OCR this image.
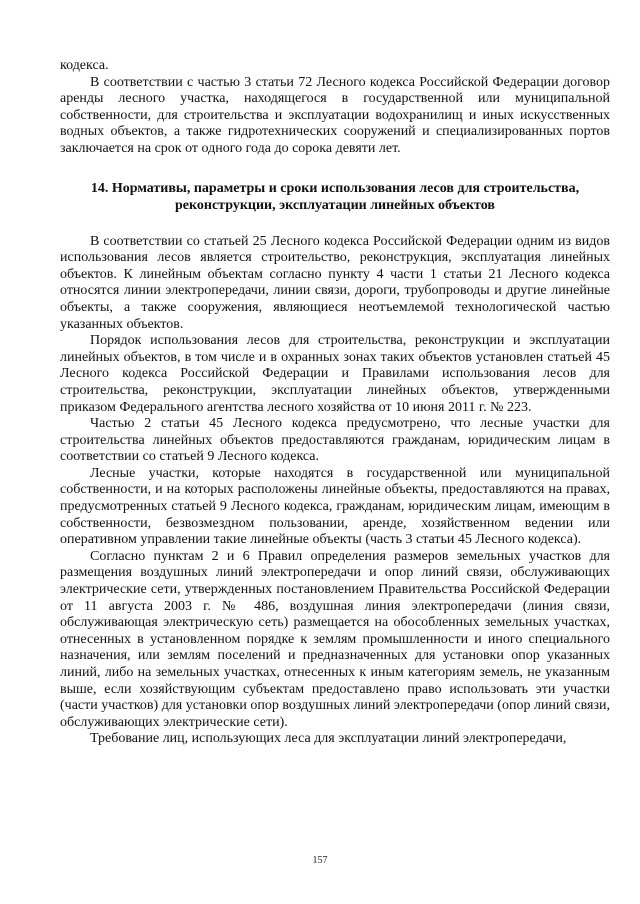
кодекса.

В соответствии с частью 3 статьи 72 Лесного кодекса Российской Федерации договор аренды лесного участка, находящегося в государственной или муниципальной собственности, для строительства и эксплуатации водохранилищ и иных искусственных водных объектов, а также гидротехнических сооружений и специализированных портов заключается на срок от одного года до сорока девяти лет.

14. Нормативы, параметры и сроки использования лесов для строительства, реконструкции, эксплуатации линейных объектов

В соответствии со статьей 25 Лесного кодекса Российской Федерации одним из видов использования лесов является строительство, реконструкция, эксплуатация линейных объектов. К линейным объектам согласно пункту 4 части 1 статьи 21 Лесного кодекса относятся линии электропередачи, линии связи, дороги, трубопроводы и другие линейные объекты, а также сооружения, являющиеся неотъемлемой технологической частью указанных объектов.

Порядок использования лесов для строительства, реконструкции и эксплуатации линейных объектов, в том числе и в охранных зонах таких объектов установлен статьей 45 Лесного кодекса Российской Федерации и Правилами использования лесов для строительства, реконструкции, эксплуатации линейных объектов, утвержденными приказом Федерального агентства лесного хозяйства от 10 июня 2011 г. № 223.

Частью 2 статьи 45 Лесного кодекса предусмотрено, что лесные участки для строительства линейных объектов предоставляются гражданам, юридическим лицам в соответствии со статьей 9 Лесного кодекса.

Лесные участки, которые находятся в государственной или муниципальной собственности, и на которых расположены линейные объекты, предоставляются на правах, предусмотренных статьей 9 Лесного кодекса, гражданам, юридическим лицам, имеющим в собственности, безвозмездном пользовании, аренде, хозяйственном ведении или оперативном управлении такие линейные объекты (часть 3 статьи 45 Лесного кодекса).

Согласно пунктам 2 и 6 Правил определения размеров земельных участков для размещения воздушных линий электропередачи и опор линий связи, обслуживающих электрические сети, утвержденных постановлением Правительства Российской Федерации от 11 августа 2003 г. № 486, воздушная линия электропередачи (линия связи, обслуживающая электрическую сеть) размещается на обособленных земельных участках, отнесенных в установленном порядке к землям промышленности и иного специального назначения, или землям поселений и предназначенных для установки опор указанных линий, либо на земельных участках, отнесенных к иным категориям земель, не указанным выше, если хозяйствующим субъектам предоставлено право использовать эти участки (части участков) для установки опор воздушных линий электропередачи (опор линий связи, обслуживающих электрические сети).

Требование лиц, использующих леса для эксплуатации линий электропередачи,

157
